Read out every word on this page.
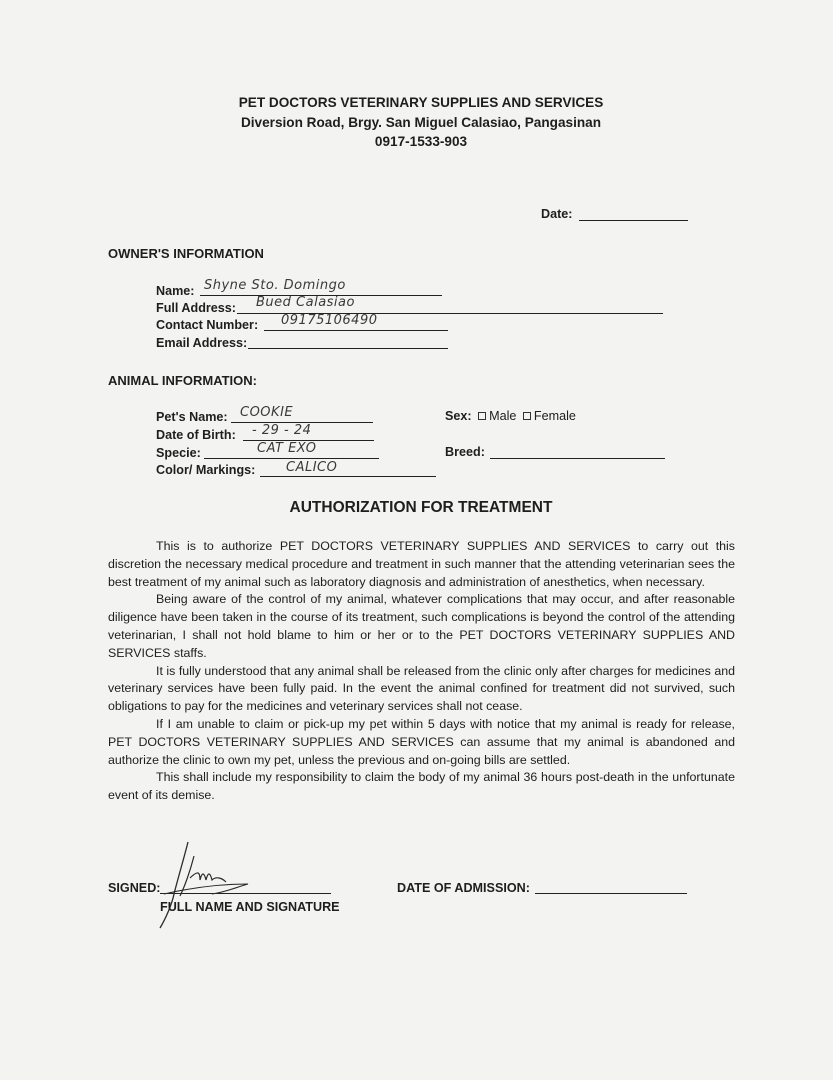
PET DOCTORS VETERINARY SUPPLIES AND SERVICES
Diversion Road, Brgy. San Miguel Calasiao, Pangasinan
0917-1533-903
Date:
OWNER'S INFORMATION
Name: Shyne Sto. Domingo
Full Address: Bued Calasiao
Contact Number: 09175106490
Email Address:
ANIMAL INFORMATION:
Pet's Name: COOKIE
Date of Birth: - 29 - 24
Specie:	CAT EXO
Color/ Markings: CALICO
Sex: Male Female
Breed:
AUTHORIZATION FOR TREATMENT

This is to authorize PET DOCTORS VETERINARY SUPPLIES AND SERVICES to carry out this discretion the necessary medical procedure and treatment in such manner that the attending veterinarian sees the best treatment of my animal such as laboratory diagnosis and administration of anesthetics, when necessary.

Being aware of the control of my animal, whatever complications that may occur, and after reasonable diligence have been taken in the course of its treatment, such complications is beyond the control of the attending veterinarian, I shall not hold blame to him or her or to the PET DOCTORS VETERINARY SUPPLIES AND SERVICES staffs.

It is fully understood that any animal shall be released from the clinic only after charges for medicines and veterinary services have been fully paid. In the event the animal confined for treatment did not survived, such obligations to pay for the medicines and veterinary services shall not cease.

If I am unable to claim or pick-up my pet within 5 days with notice that my animal is ready for release, PET DOCTORS VETERINARY SUPPLIES AND SERVICES can assume that my animal is abandoned and authorize the clinic to own my pet, unless the previous and on-going bills are settled.

This shall include my responsibility to claim the body of my animal 36 hours post-death in the unfortunate event of its demise.

SIGNED:
FULL NAME AND SIGNATURE
DATE OF ADMISSION:
